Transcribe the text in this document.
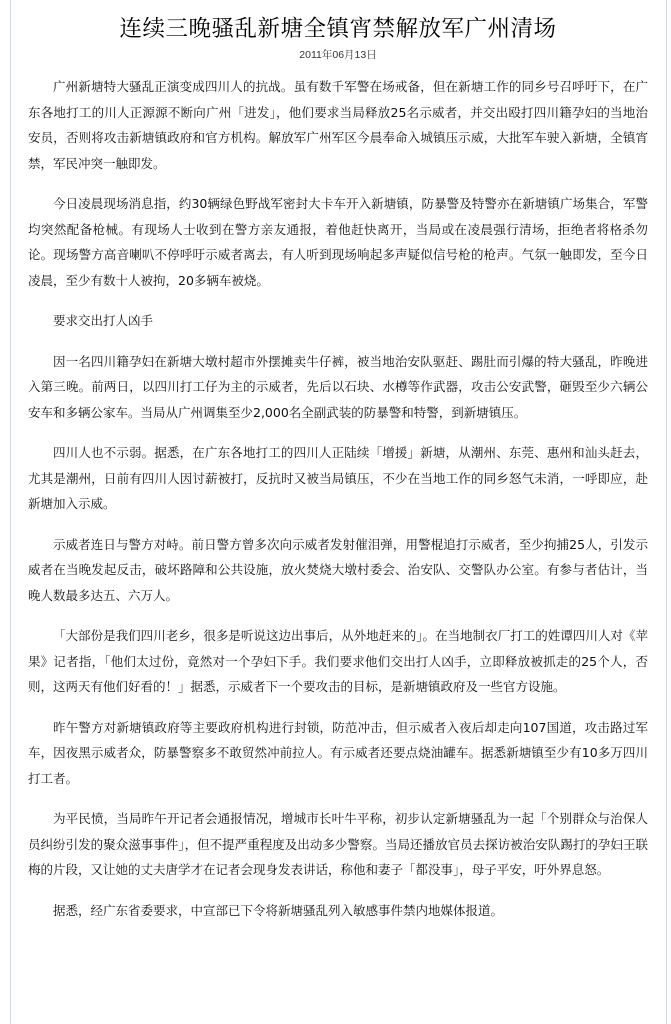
连续三晚骚乱新塘全镇宵禁解放军广州清场
2011年06月13日

广州新塘特大骚乱正演变成四川人的抗战。虽有数千军警在场戒备，但在新塘工作的同乡号召呼吁下，在广东各地打工的川人正源源不断向广州「进发」，他们要求当局释放25名示威者，并交出殴打四川籍孕妇的当地治安员，否则将攻击新塘镇政府和官方机构。解放军广州军区今晨奉命入城镇压示威，大批军车驶入新塘，全镇宵禁，军民冲突一触即发。

今日凌晨现场消息指，约30辆绿色野战军密封大卡车开入新塘镇，防暴警及特警亦在新塘镇广场集合，军警均突然配备枪械。有现场人士收到在警方亲友通报，着他赶快离开，当局或在凌晨强行清场，拒绝者将格杀勿论。现场警方高音喇叭不停呼吁示威者离去，有人听到现场响起多声疑似信号枪的枪声。气氛一触即发，至今日凌晨，至少有数十人被拘，20多辆车被烧。

要求交出打人凶手

因一名四川籍孕妇在新塘大墩村超市外摆摊卖牛仔裤，被当地治安队驱赶、踢肚而引爆的特大骚乱，昨晚进入第三晚。前两日，以四川打工仔为主的示威者，先后以石块、水樽等作武器，攻击公安武警，砸毁至少六辆公安车和多辆公家车。当局从广州调集至少2,000名全副武装的防暴警和特警，到新塘镇压。

四川人也不示弱。据悉，在广东各地打工的四川人正陆续「增援」新塘，从潮州、东莞、惠州和汕头赶去，尤其是潮州，日前有四川人因讨薪被打，反抗时又被当局镇压，不少在当地工作的同乡怒气未消，一呼即应，赴新塘加入示威。

示威者连日与警方对峙。前日警方曾多次向示威者发射催泪弹，用警棍追打示威者，至少拘捕25人，引发示威者在当晚发起反击，破坏路障和公共设施，放火焚烧大墩村委会、治安队、交警队办公室。有参与者估计，当晚人数最多达五、六万人。

「大部份是我们四川老乡，很多是听说这边出事后，从外地赶来的」。在当地制衣厂打工的姓谭四川人对《苹果》记者指，「他们太过份，竟然对一个孕妇下手。我们要求他们交出打人凶手，立即释放被抓走的25个人，否则，这两天有他们好看的！」据悉，示威者下一个要攻击的目标，是新塘镇政府及一些官方设施。

昨午警方对新塘镇政府等主要政府机构进行封锁，防范冲击，但示威者入夜后却走向107国道，攻击路过军车，因夜黑示威者众，防暴警察多不敢贸然冲前拉人。有示威者还要点烧油罐车。据悉新塘镇至少有10多万四川打工者。

为平民愤，当局昨午开记者会通报情况，增城市长叶牛平称，初步认定新塘骚乱为一起「个别群众与治保人员纠纷引发的聚众滋事事件」，但不提严重程度及出动多少警察。当局还播放官员去探访被治安队踢打的孕妇王联梅的片段，又让她的丈夫唐学才在记者会现身发表讲话，称他和妻子「都没事」，母子平安，吁外界息怒。

据悉，经广东省委要求，中宣部已下令将新塘骚乱列入敏感事件禁内地媒体报道。
